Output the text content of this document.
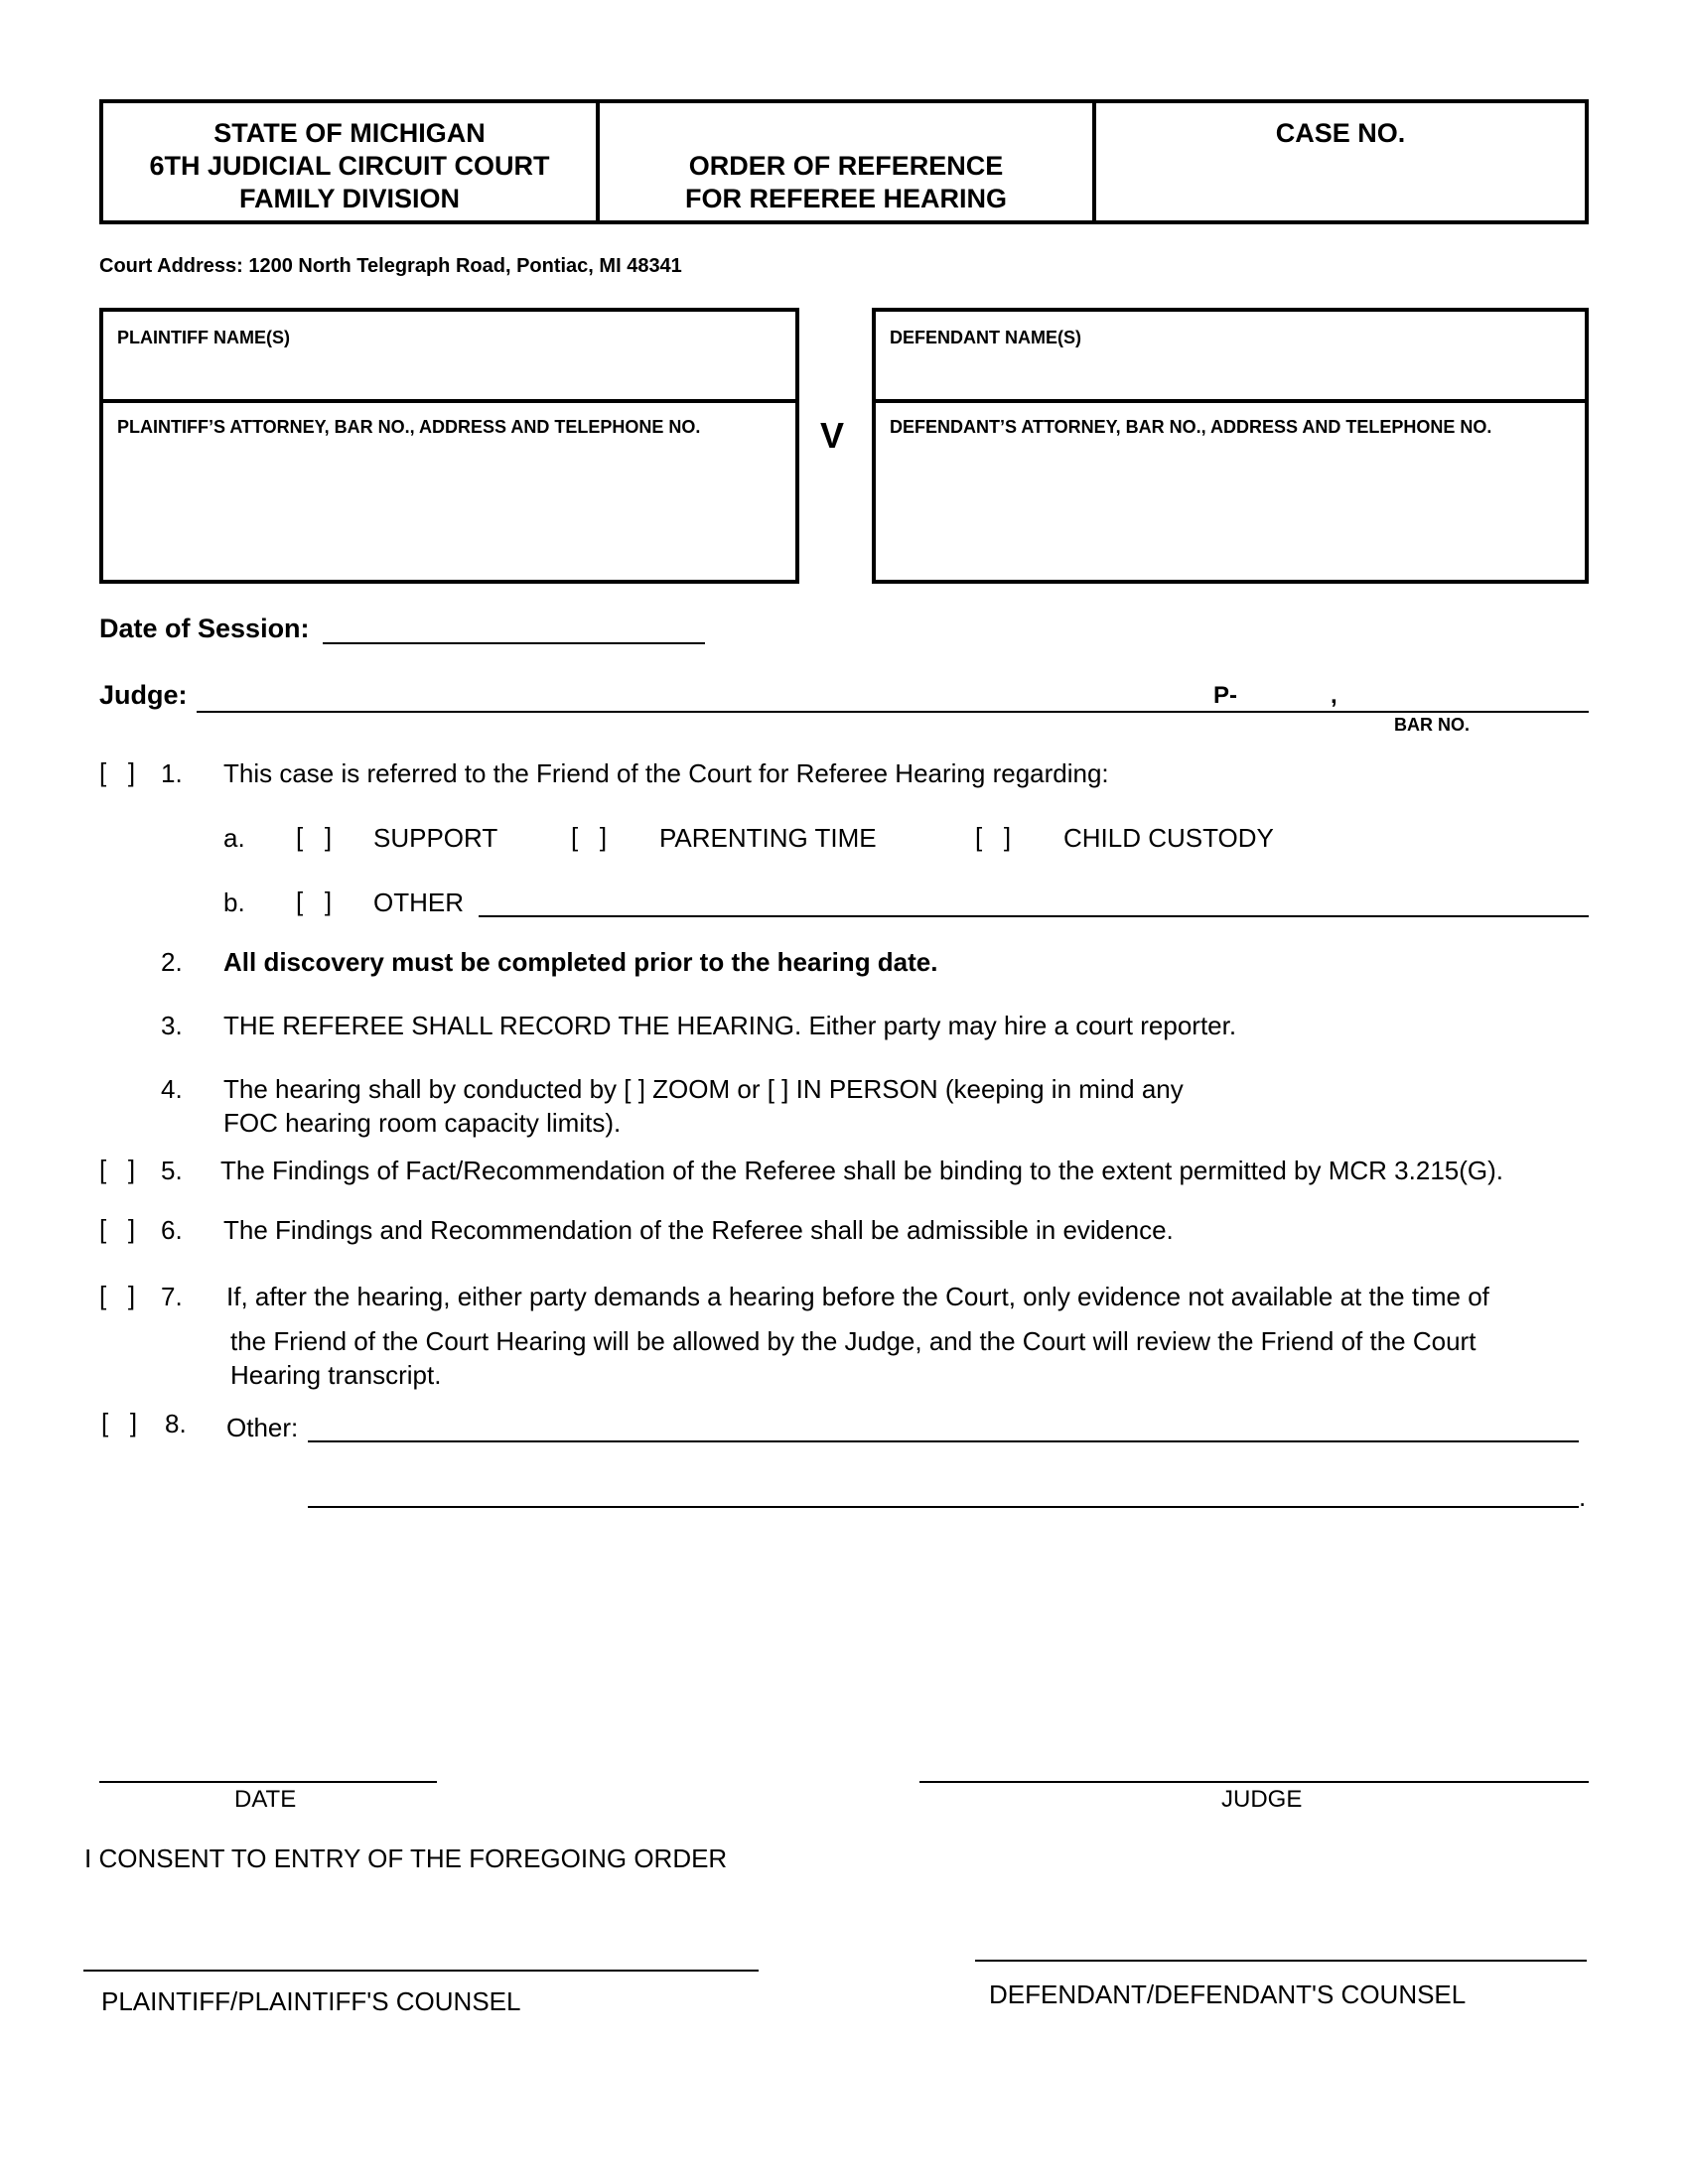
STATE OF MICHIGAN
6TH JUDICIAL CIRCUIT COURT
FAMILY DIVISION
ORDER OF REFERENCE
FOR REFEREE HEARING
CASE NO.
Court Address: 1200 North Telegraph Road, Pontiac, MI 48341
PLAINTIFF NAME(S)
PLAINTIFF’S ATTORNEY, BAR NO., ADDRESS AND TELEPHONE NO.	V
DEFENDANT NAME(S)
DEFENDANT’S ATTORNEY, BAR NO., ADDRESS AND TELEPHONE NO.
Date of Session:
Judge:	P-	,
BAR NO.
[   ] 1. This case is referred to the Friend of the Court for Referee Hearing regarding:
a. [   ] SUPPORT	[   ] PARENTING TIME	[   ] CHILD CUSTODY
b. [   ] OTHER
2. All discovery must be completed prior to the hearing date.
3. THE REFEREE SHALL RECORD THE HEARING. Either party may hire a court reporter.
4. The hearing shall by conducted by [ ] ZOOM or [ ] IN PERSON (keeping in mind any
FOC hearing room capacity limits).
[   ] 5. The Findings of Fact/Recommendation of the Referee shall be binding to the extent permitted by MCR 3.215(G).
[   ] 6. The Findings and Recommendation of the Referee shall be admissible in evidence.
[   ] 7. If, after the hearing, either party demands a hearing before the Court, only evidence not available at the time of
the Friend of the Court Hearing will be allowed by the Judge, and the Court will review the Friend of the Court
Hearing transcript.
[   ] 8. Other:
.
DATE	JUDGE
I CONSENT TO ENTRY OF THE FOREGOING ORDER
PLAINTIFF/PLAINTIFF'S COUNSEL	DEFENDANT/DEFENDANT'S COUNSEL
